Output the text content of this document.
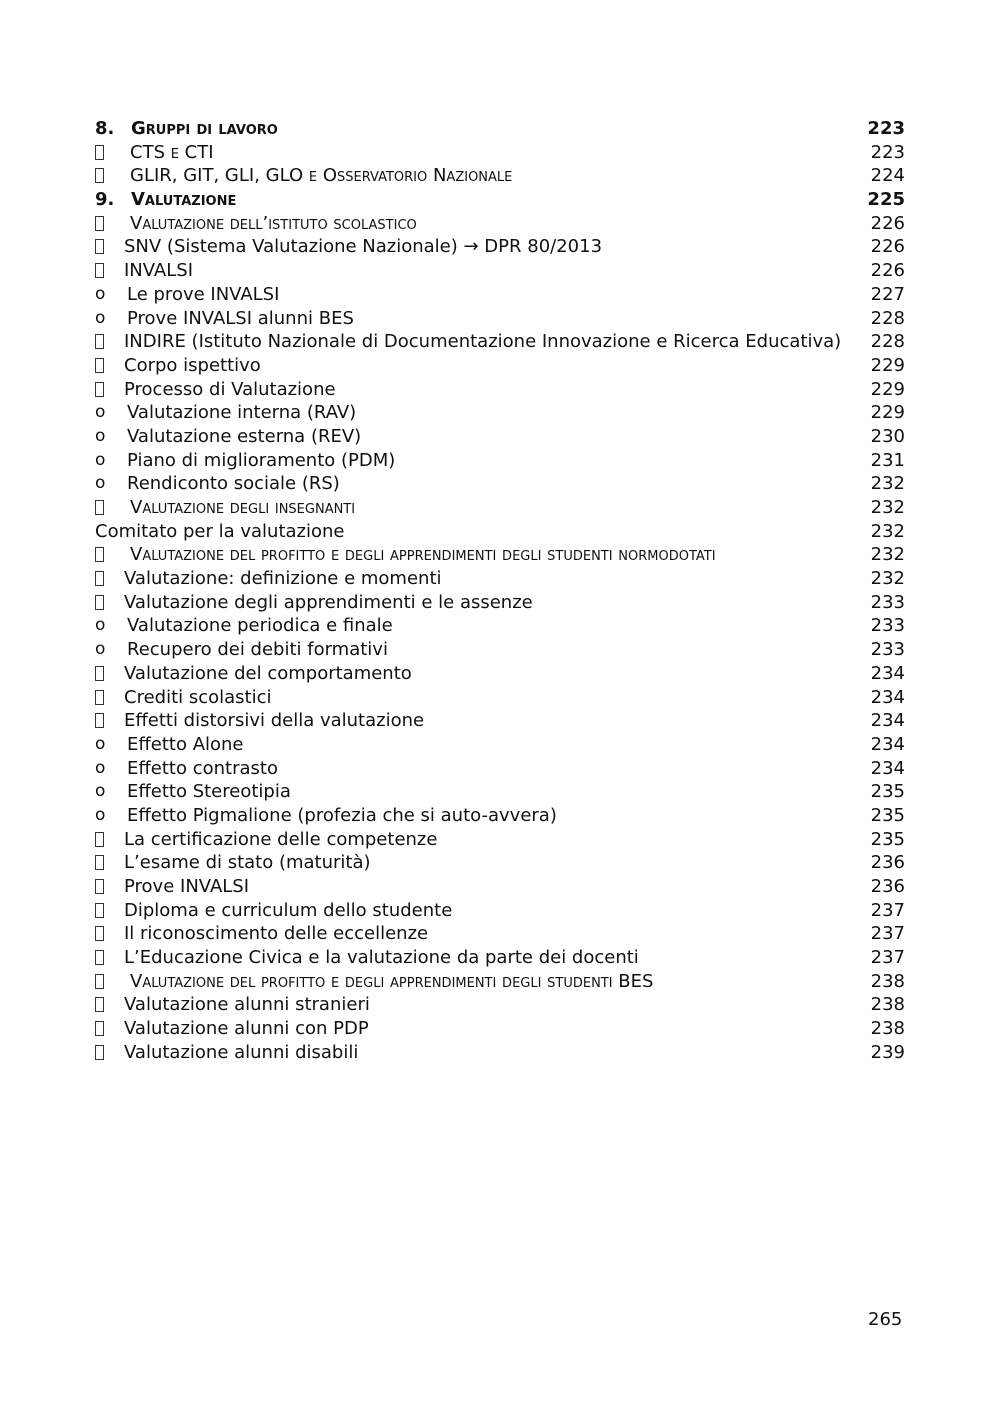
8. Gruppi di lavoro	223
CTS e CTI	223
GLIR, GIT, GLI, GLO e Osservatorio Nazionale	224
9. Valutazione	225
Valutazione dell’istituto scolastico	226
SNV (Sistema Valutazione Nazionale) → DPR 80/2013	226
INVALSI	226
o Le prove INVALSI	227
o Prove INVALSI alunni BES	228
INDIRE (Istituto Nazionale di Documentazione Innovazione e Ricerca Educativa) 228
Corpo ispettivo	229
Processo di Valutazione	229
o Valutazione interna (RAV)	229
o Valutazione esterna (REV)	230
o Piano di miglioramento (PDM)	231
o Rendiconto sociale (RS)	232
Valutazione degli insegnanti	232
Comitato per la valutazione	232
Valutazione del profitto e degli apprendimenti degli studenti normodotati	232
Valutazione: definizione e momenti	232
Valutazione degli apprendimenti e le assenze	233
o Valutazione periodica e finale	233
o Recupero dei debiti formativi	233
Valutazione del comportamento	234
Crediti scolastici	234
Effetti distorsivi della valutazione	234
o Effetto Alone	234
o Effetto contrasto	234
o Effetto Stereotipia	235
o Effetto Pigmalione (profezia che si auto-avvera)	235
La certificazione delle competenze	235
L’esame di stato (maturità)	236
Prove INVALSI	236
Diploma e curriculum dello studente	237
Il riconoscimento delle eccellenze	237
L’Educazione Civica e la valutazione da parte dei docenti	237
Valutazione del profitto e degli apprendimenti degli studenti BES	238
Valutazione alunni stranieri	238
Valutazione alunni con PDP	238
Valutazione alunni disabili	239
265
